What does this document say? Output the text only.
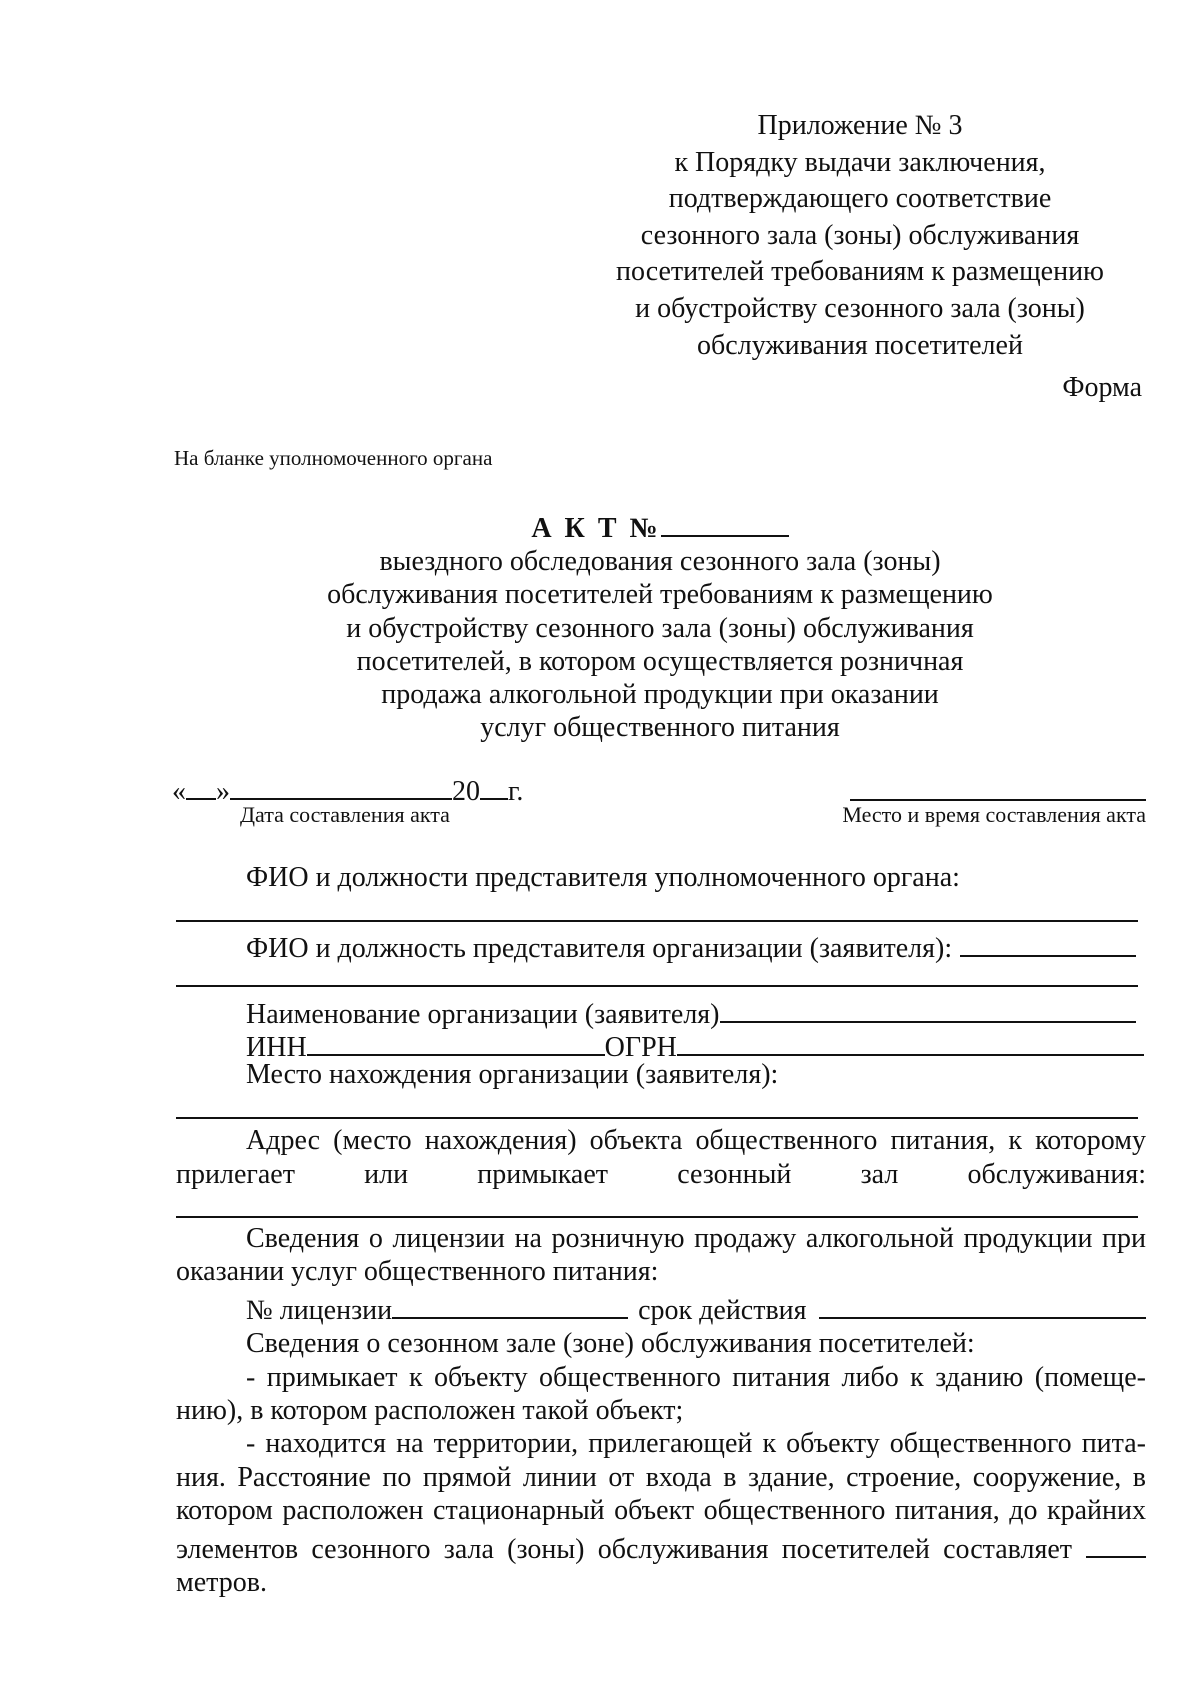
Приложение № 3
к Порядку выдачи заключения,
подтверждающего соответствие
сезонного зала (зоны) обслуживания
посетителей требованиям к размещению
и обустройству сезонного зала (зоны)
обслуживания посетителей
Форма
На бланке уполномоченного органа
А К Т №
выездного обследования сезонного зала (зоны)
обслуживания посетителей требованиям к размещению
и обустройству сезонного зала (зоны) обслуживания
посетителей, в котором осуществляется розничная
продажа алкогольной продукции при оказании
услуг общественного питания
« »	20 г.
Дата составления акта	Место и время составления акта
ФИО и должности представителя уполномоченного органа:
ФИО и должность представителя организации (заявителя):
Наименование организации (заявителя)
ИНН	ОГРН
Место нахождения организации (заявителя):
Адрес (место нахождения) объекта общественного питания, к которому
прилегает или примыкает сезонный зал обслуживания:
Сведения о лицензии на розничную продажу алкогольной продукции при
оказании услуг общественного питания:
№ лицензии	срок действия
Сведения о сезонном зале (зоне) обслуживания посетителей:
- примыкает к объекту общественного питания либо к зданию (помеще-
нию), в котором расположен такой объект;
- находится на территории, прилегающей к объекту общественного пита-
ния. Расстояние по прямой линии от входа в здание, строение, сооружение, в
котором расположен стационарный объект общественного питания, до крайних
элементов сезонного зала (зоны) обслуживания посетителей составляет
метров.
